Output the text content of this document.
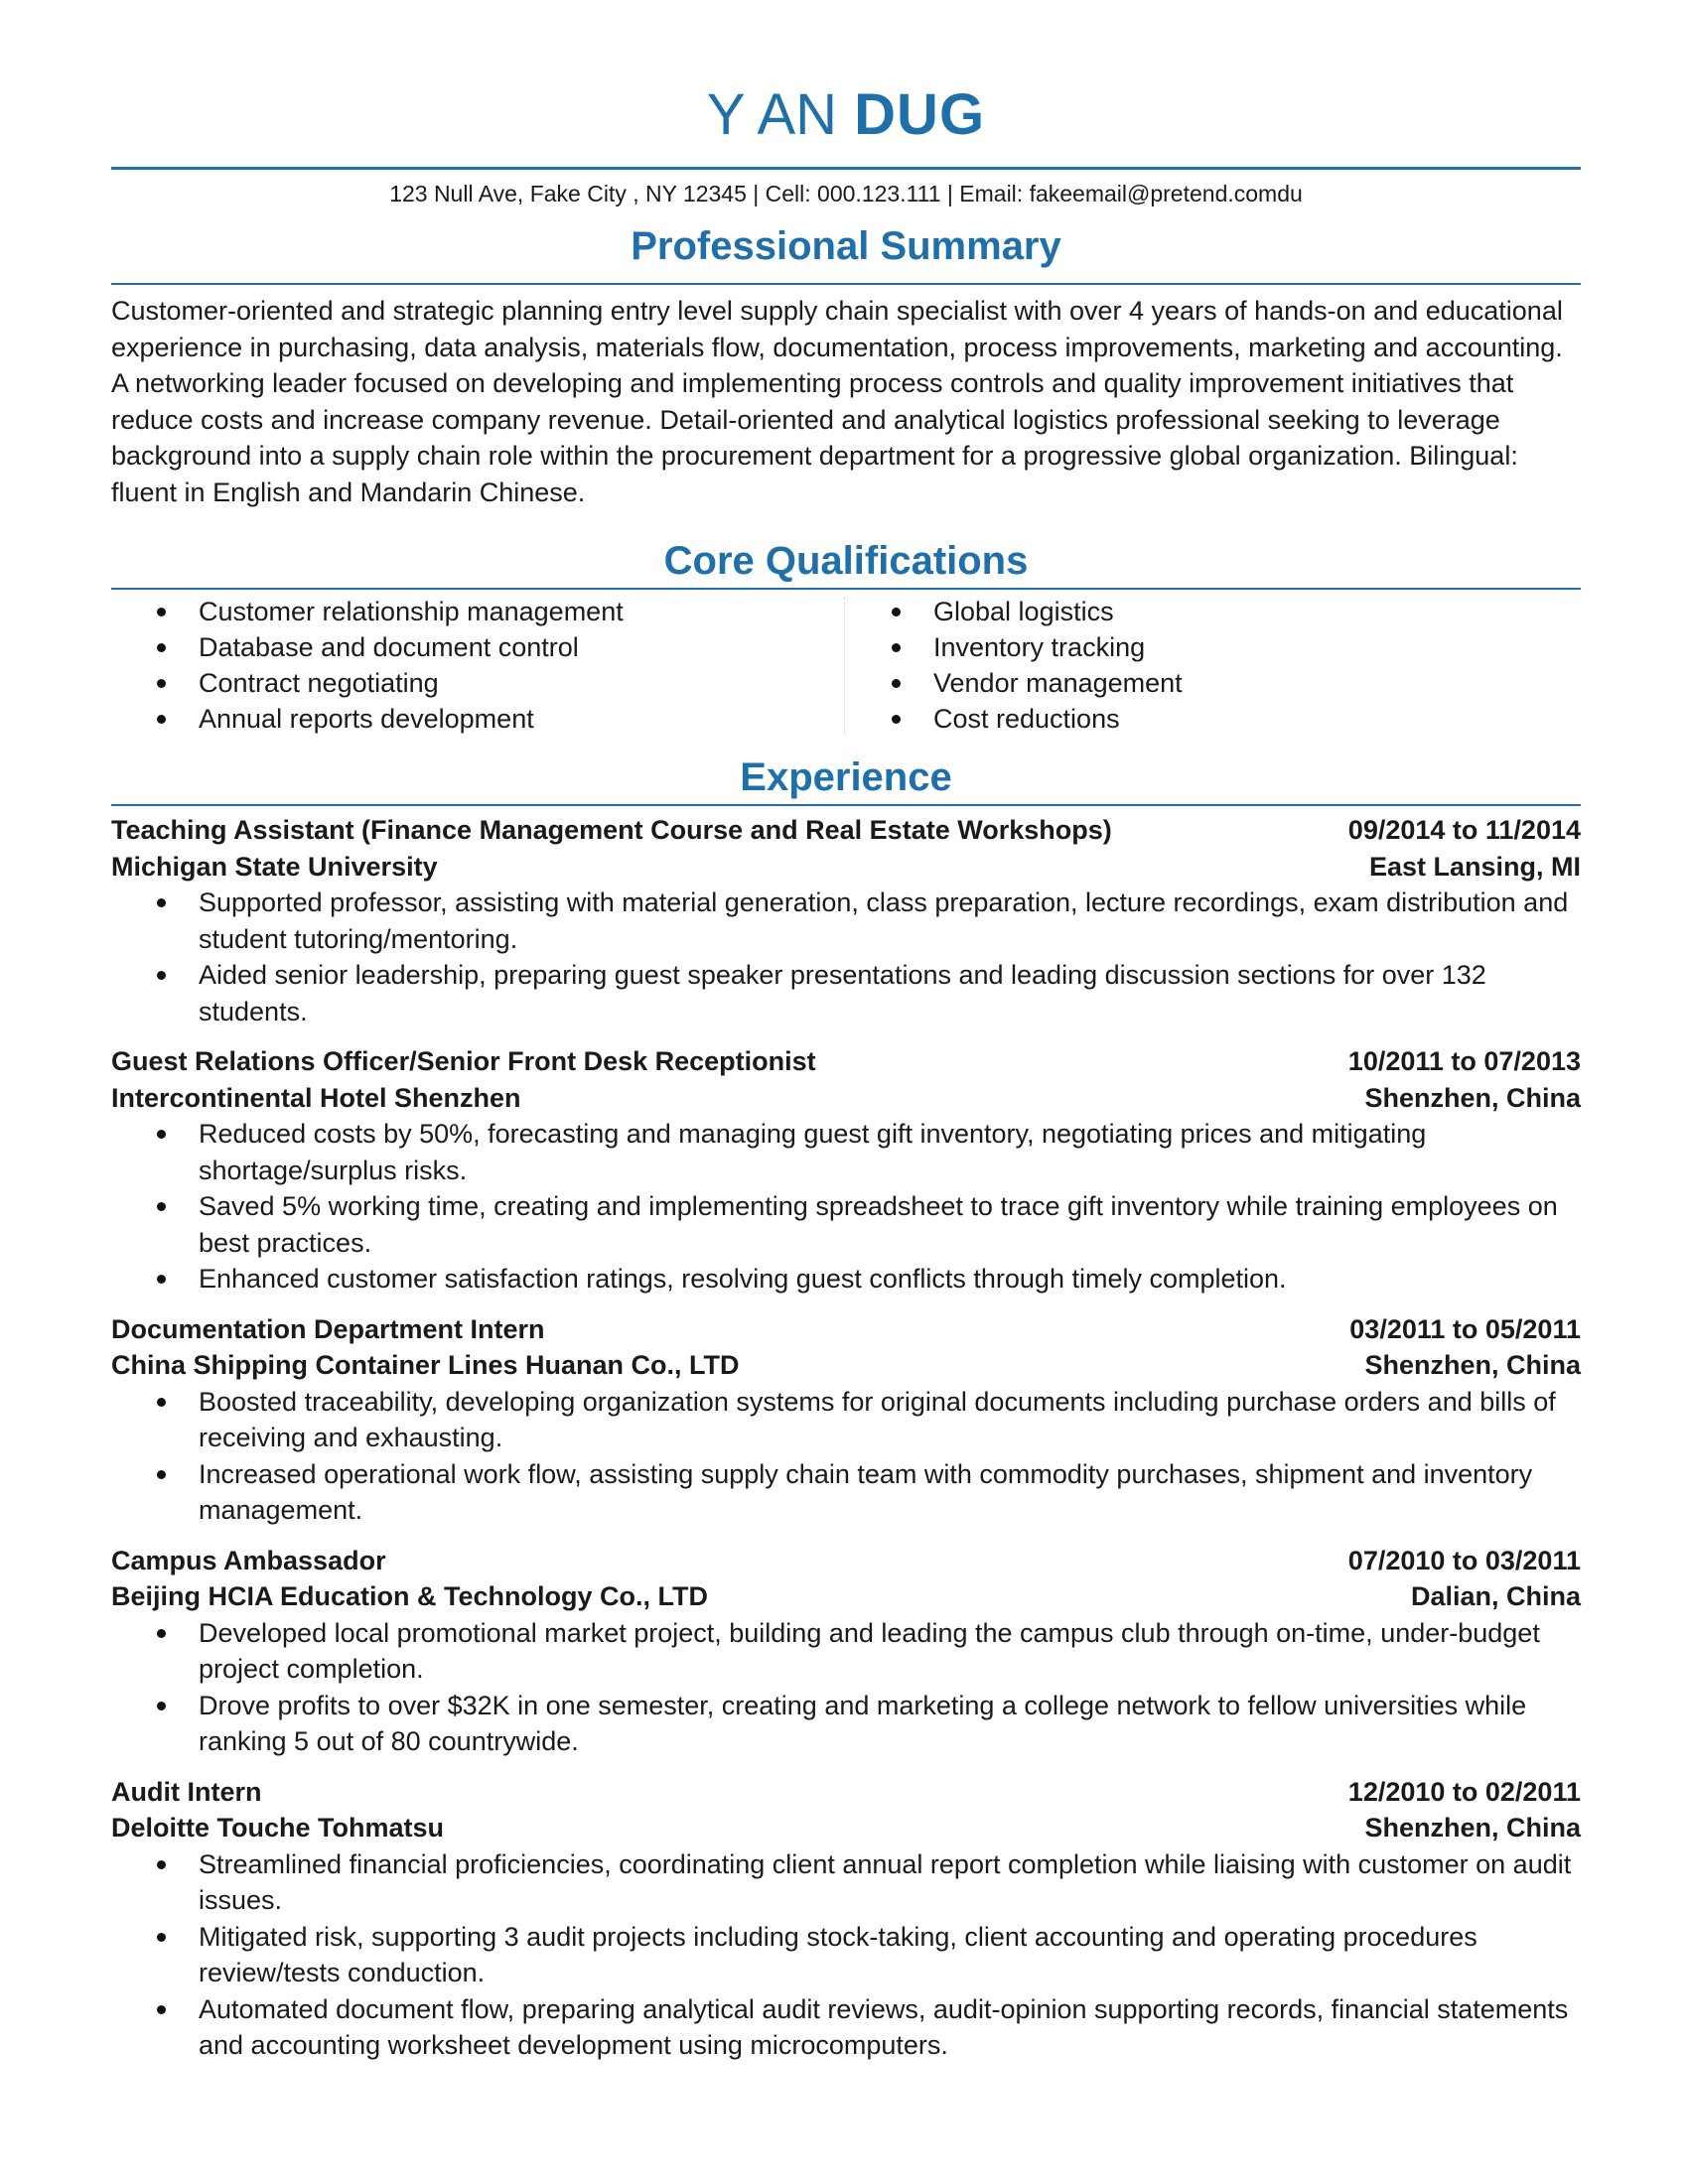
Y AN DUG
123 Null Ave, Fake City , NY 12345 | Cell: 000.123.111 | Email: fakeemail@pretend.comdu
Professional Summary
Customer-oriented and strategic planning entry level supply chain specialist with over 4 years of hands-on and educational experience in purchasing, data analysis, materials flow, documentation, process improvements, marketing and accounting. A networking leader focused on developing and implementing process controls and quality improvement initiatives that reduce costs and increase company revenue. Detail-oriented and analytical logistics professional seeking to leverage background into a supply chain role within the procurement department for a progressive global organization. Bilingual: fluent in English and Mandarin Chinese.
Core Qualifications
Customer relationship management
Database and document control
Contract negotiating
Annual reports development
Global logistics
Inventory tracking
Vendor management
Cost reductions
Experience
Teaching Assistant (Finance Management Course and Real Estate Workshops)	09/2014 to 11/2014
Michigan State University	East Lansing, MI
Supported professor, assisting with material generation, class preparation, lecture recordings, exam distribution and student tutoring/mentoring.
Aided senior leadership, preparing guest speaker presentations and leading discussion sections for over 132 students.
Guest Relations Officer/Senior Front Desk Receptionist	10/2011 to 07/2013
Intercontinental Hotel Shenzhen	Shenzhen, China
Reduced costs by 50%, forecasting and managing guest gift inventory, negotiating prices and mitigating shortage/surplus risks.
Saved 5% working time, creating and implementing spreadsheet to trace gift inventory while training employees on best practices.
Enhanced customer satisfaction ratings, resolving guest conflicts through timely completion.
Documentation Department Intern	03/2011 to 05/2011
China Shipping Container Lines Huanan Co., LTD	Shenzhen, China
Boosted traceability, developing organization systems for original documents including purchase orders and bills of receiving and exhausting.
Increased operational work flow, assisting supply chain team with commodity purchases, shipment and inventory management.
Campus Ambassador	07/2010 to 03/2011
Beijing HCIA Education & Technology Co., LTD	Dalian, China
Developed local promotional market project, building and leading the campus club through on-time, under-budget project completion.
Drove profits to over $32K in one semester, creating and marketing a college network to fellow universities while ranking 5 out of 80 countrywide.
Audit Intern	12/2010 to 02/2011
Deloitte Touche Tohmatsu	Shenzhen, China
Streamlined financial proficiencies, coordinating client annual report completion while liaising with customer on audit issues.
Mitigated risk, supporting 3 audit projects including stock-taking, client accounting and operating procedures review/tests conduction.
Automated document flow, preparing analytical audit reviews, audit-opinion supporting records, financial statements and accounting worksheet development using microcomputers.
